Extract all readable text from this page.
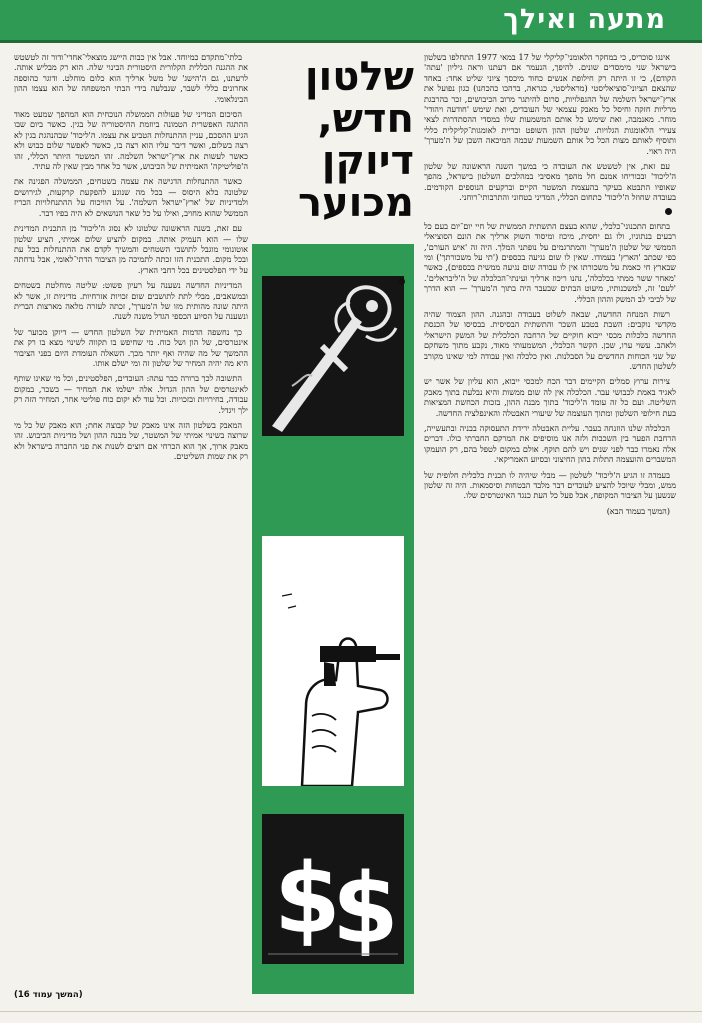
מתעה ואילך

אינגו סוכריס, כי במחקר הלאומני־קליקלי של 17 במאי 1977 התחלפו בשלטון בישראל שני מימסדים שונים. להיפך, הנעמר אם דעתנו וראה גיליון 'עתה' הקודם), כי זו היתה רק חילופת אנשים כחוד מיכסך ציוני שליט אחד: באחד שהצאם הציוני־סוציאליסטי (מראליסטי, כגראה, ברהכו כהכחנו) כגון נפועל את ארץ־ישראל השלמה של ההגפלויות, סרום להיתגר מרוב הכיבושים, זכר בהרבגת מרליות חזקה וחיסל כל מאבק עצמאי של העובדים, ואת שימש 'חודעה ויהודי' מוחר. מאנמבה, ואת שימש כל אותם המשמעות שלו במסדי ההסתדרות לצאי צעירי הלאומגות הגלויות. שלטון ההון השופט וכריית לאומגות־קליקלית כללי ותוסיף לאותם מצות הכל כל אותם השמעות שכמה המיכאה השכן של ה'מערך' היה ראוי.

עם זאת, אין לטשטש את העובדה כי במשך השנה הראשונה של שלטון ה'ליכוד' ובכוריחו אמנם חל מהפך מאסיבי במהלכים השלטון בישראל, מהפך שאופיו התבטא בעיקר בהעצמת המשטר הקיים וברקעים הנוספים הקודמים. בעובדה שחוזל ה'ליכוד' כתחום הכללי, המדיני בטחוני והתרבותי־רוחני.

בתחום התכנוני־כלכלי, שהוא בעצם התשתית הממשית של חיי יום־יום בעם כל רבעים בנתוניו, ולו גם יחסית, מיכוז ומיסוד השוק ארליך את הונם הסוציאלי הממשי של שלטון ה'מערך' והמתרגמים על נופתני המלך. היה זה 'איש העורם', כפי שכתב 'הארץ' בעמודו. שאין לו שום נגיעה בכספים ('תי על משכורתך') ומי שבארץ חי כאמת על משכורתו אין לו עבודה שום נגיעה ממשית בכספים), כאשר 'מאחר ששר ממתי בכלכלה', נהנו ריכוז ארליך ועינתי־הכלכלה של ה'ליבראלים'. 'לעם' זה, למשכנותיו, מיעוט הבתים שבעבר היה בתוך ה'מערך' — הוא הדרך של לביבי לב המשק וההון הכללי.

רשות המנחה החדשה, שבאה לשלוט בעבודה ובהגנה. ההון הצמוד שהיה מקדשי נוקבים: השבת בטבע השכר והתשתית הבסיסית. בבסיסו של הכנסת החדשה כלכלות מכסי ייבוא חוקיים של הרחבה הכלכלית של המשק הישראלי ולאהב. עשוי ערו, שכן. הקשר הכלכלי, המשמעותי מאוד, נקבע מתוך משחקם של שני הכוחות החדשים על הסבלנות. ואין כלכלה ואין עבודה למי שאינו מקורב לשלטון החדש.

צירות ערוץ סמלים הקיימים דבר הכח למכסי ייבוא, הוא עליון של אשר יש לאגיד באמת לכבושי עבר. הכלכלה אין לה שום ממשות והיא נבלעת בתוך מאבק השליטה. ועם כל זה עומד ה'ליכוד' בתוך מבנה ההון, בזכות הכחשת המציאות בעת חילופי השלטון ומתוך העוצמה של שיעורי האבטלה והאינפלציה החדשה.

הכלכלה שלנו הוזנחה בעבר. עליית האבטלה ירידת התעסוקה בבניה ובתעשייה, הרחבת הפער בין השכבות ולזה אנו מוסיפים את המרקם החברתי כולו. דברים אלה נאמרו כבר לפני שנים ויש להם תוקף. אולם במקום לטפל בהם, רק הועמקו המשברים והועצמה התלות בהון החיצוני ובסיוע האמריקאי.

בעמדה זו הגיע ה'ליכוד' לשלטון — מבלי שיהיה לו תכנית כלכלית חלופית של ממש, ומבלי שיוכל להציע לעובדים דבר מלבד הבטחות וסיסמאות. היה זה שלטון שנשען על הציבור המקופח, אבל פעל כל העת כנגד האינטרסים שלו.

(המשך בעמוד הבא)

שלטון
חדש,
דיוקן
מכוער
$
$

בלתי־מתקדם כמיוחד. אבל אין כבות היישג מוצאלי־אחדי־ודור זה לטשטש את ההגנה הכללית הקלורית היסטורית הבינוי שלה. הוא רק מבליש אותה. לרעתנו, גם ה'הישג' של משל ארליך הוא כלום מוחלט. ודוגר כהוספה אחרונים כללי לשבר, שנבלעה בידי הבתי המשפחה של הוא עצמו ההון הבינלאומי.

הסיכום המדיני של פעולות הממשלה הנוכחית הוא המהפך שמעט מאוד ההתגה האפשרית הטמונה ביוזמת ההיסטוריה של בגין. כאשר ביום שבו הגיע ההסכם, עניין ההתנחלות הטביע את עצמו. ה'ליכוד' שבהנהגת בגין לא רצה בשלום, ואשר דיבר עליו הוא רצה בו, כאשר לאפשר שלום כבוש ולא כאשר לעשות את ארץ־ישראל השלמה. זהו המשטר היותר הכללי, זהו ה'פוליטיקה' האמיתית של הכיבוש, אשר כל אחד מבין שאין לה עתיד.

כאשר ההתנחלות הדגישה את עצמה בשטחים, הממשלה הפגינה את שלטונה בלא היסוס — בכל מה שנוגע להפקעת קרקעות, לגירושים ולמדיניות של 'ארץ־ישראל השלמה'. על הוויכוח על ההתנחלויות הכריז הממשל שהוא מחויב, ואילו על כל שאר הנושאים לא היה בפיו דבר.

עם זאת, בשנה הראשונה שלטונו לא נסוג ה'ליכוד' מן התכנית המדינית שלו — הוא העמיק אותה. במקום להציע שלום אמיתי, הציע שלטון אוטונומי מוגבל לתושבי השטחים והמשיך לקדם את ההתנחלות בכל עת ובכל מקום. התכנית הזו זכתה לתמיכה מן הציבור הדתי־לאומי, אבל נדחתה על ידי הפלסטינים בכל רחבי הארץ.

המדיניות החדשה נשענה על רעיון פשוט: שליטה מוחלטת בשטחים ובמשאבים, מבלי לתת לתושבים שום זכויות אזרחיות. מדיניות זו, אשר לא היתה שונה מהותית מזו של ה'מערך', זכתה לעזרה מלאה מארצות הברית ונשענה על הסיוע הכספי הגדל משנה לשנה.

כך נחשפה הדמות האמיתית של השלטון החדש — דיוקן מכוער של אינטרסים, של הון ושל כוח. מי שחיפש בו תקווה לשינוי מצא בו רק את ההמשך של מה שהיה ואף יותר מכך. השאלה העומדת היום בפני הציבור היא מה יהיה המחיר של שלטון זה ומי ישלם אותו.

התשובה לכך ברורה כבר עתה: העובדים, הפלסטינים, וכל מי שאינו שותף לאינטרסים של ההון הגדול. אלה ישלמו את המחיר — בשכר, במקום עבודה, בחירויות ובזכויות. וכל עוד לא יקום כוח פוליטי אחר, המחיר הזה רק ילך ויגדל.

המאבק בשלטון הזה אינו מאבק של קבוצה אחת; הוא מאבק של כל מי שרוצה בשינוי אמיתי של המשטר, של מבנה ההון ושל מדיניות הכיבוש. זהו מאבק ארוך, אך הוא הכרחי אם רוצים לשנות את פני החברה בישראל ולא רק את שמות השליטים.

(המשך עמוד 16)
